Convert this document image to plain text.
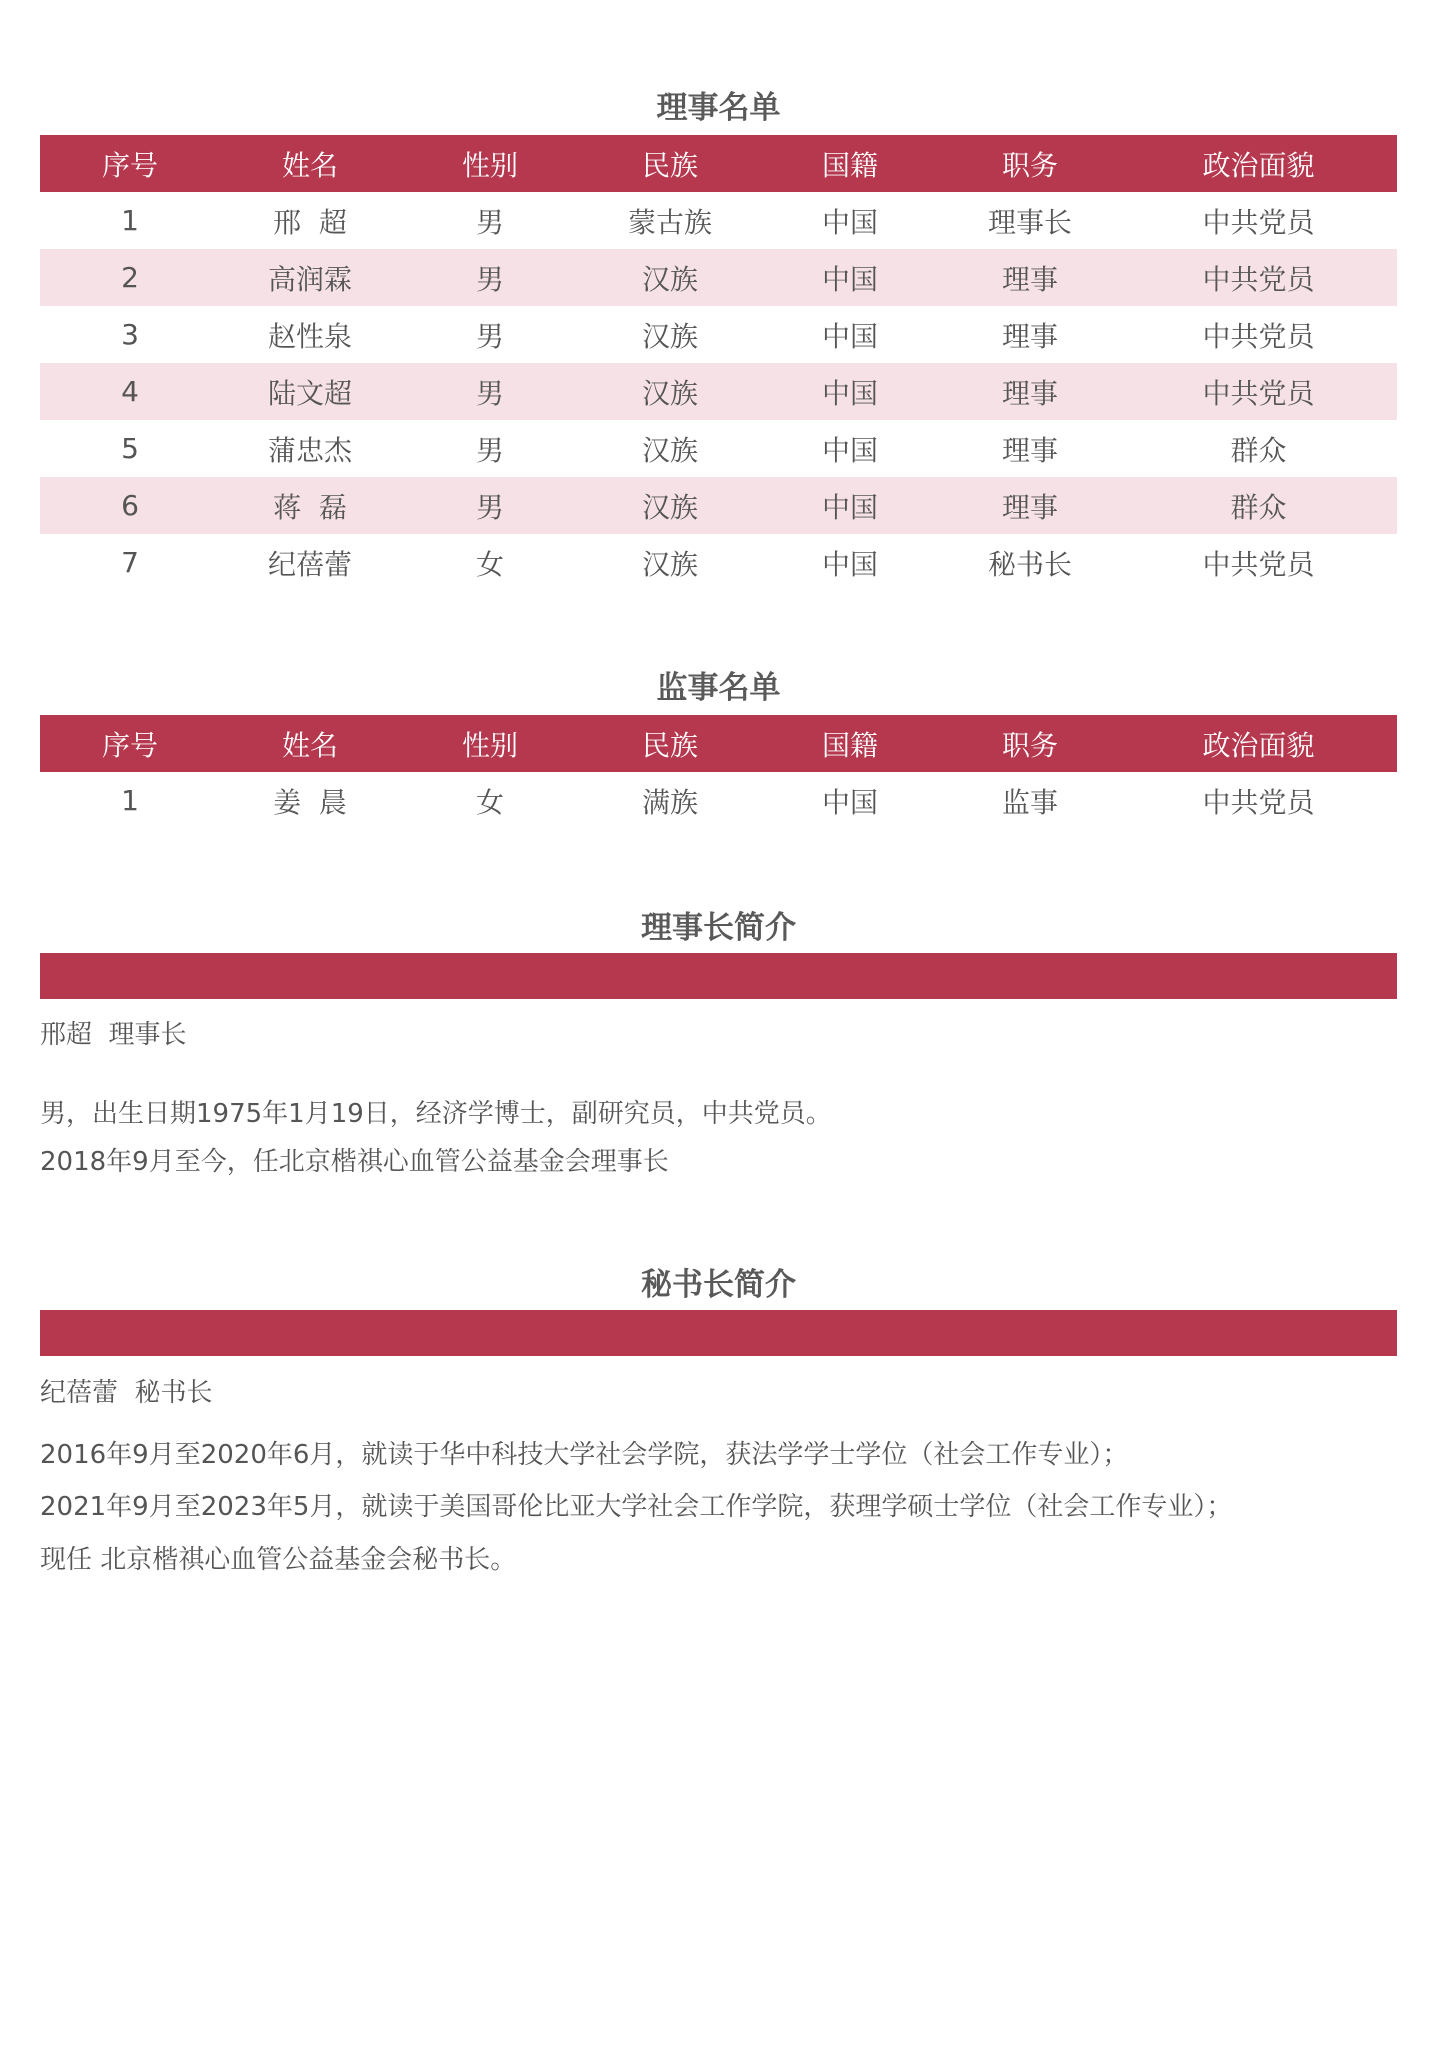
理事名单
序号	姓名	性别	民族	国籍	职务	政治面貌
1	邢  超	男	蒙古族	中国	理事长	中共党员
2	高润霖	男	汉族	中国	理事	中共党员
3	赵性泉	男	汉族	中国	理事	中共党员
4	陆文超	男	汉族	中国	理事	中共党员
5	蒲忠杰	男	汉族	中国	理事	群众
6	蒋  磊	男	汉族	中国	理事	群众
7	纪蓓蕾	女	汉族	中国	秘书长	中共党员
监事名单
序号	姓名	性别	民族	国籍	职务	政治面貌
1	姜  晨	女	满族	中国	监事	中共党员
理事长简介
邢超  理事长
男，出生日期1975年1月19日，经济学博士，副研究员，中共党员。
2018年9月至今，任北京楷祺心血管公益基金会理事长
秘书长简介
纪蓓蕾  秘书长
2016年9月至2020年6月，就读于华中科技大学社会学院，获法学学士学位（社会工作专业）；
2021年9月至2023年5月，就读于美国哥伦比亚大学社会工作学院，获理学硕士学位（社会工作专业）；
现任 北京楷祺心血管公益基金会秘书长。
